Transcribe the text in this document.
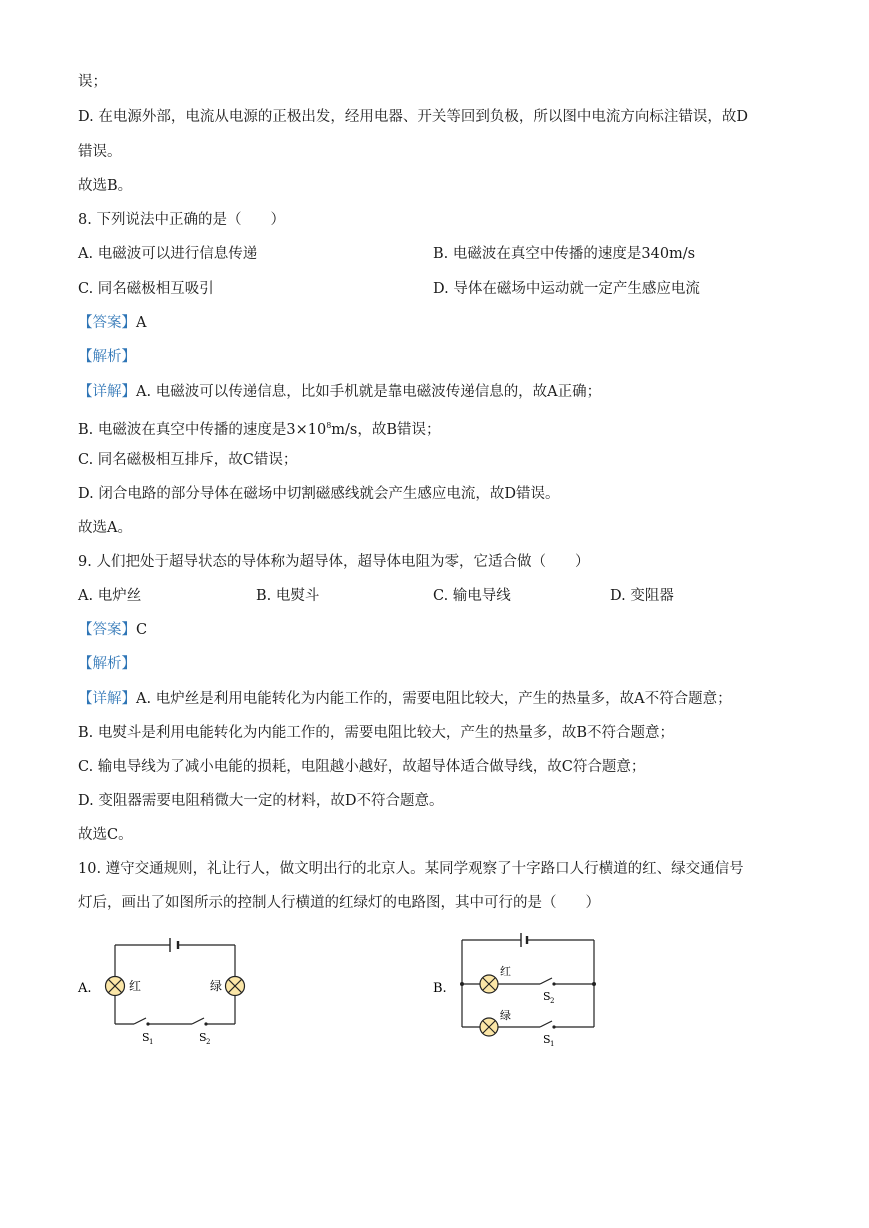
误；
D. 在电源外部，电流从电源的正极出发，经用电器、开关等回到负极，所以图中电流方向标注错误，故D
错误。
故选B。
8. 下列说法中正确的是（　　）
A. 电磁波可以进行信息传递	B. 电磁波在真空中传播的速度是340m/s
C. 同名磁极相互吸引	D. 导体在磁场中运动就一定产生感应电流
【答案】A
【解析】
【详解】A. 电磁波可以传递信息，比如手机就是靠电磁波传递信息的，故A正确；
B. 电磁波在真空中传播的速度是$3\times 10^8m/s$，故B错误；
C. 同名磁极相互排斥，故C错误；
D. 闭合电路的部分导体在磁场中切割磁感线就会产生感应电流，故D错误。
故选A。
9. 人们把处于超导状态的导体称为超导体，超导体电阻为零，它适合做（　　）
A. 电炉丝	B. 电熨斗	C. 输电导线	D. 变阻器
【答案】C
【解析】
【详解】A. 电炉丝是利用电能转化为内能工作的，需要电阻比较大，产生的热量多，故A不符合题意；
B. 电熨斗是利用电能转化为内能工作的，需要电阻比较大，产生的热量多，故B不符合题意；
C. 输电导线为了减小电能的损耗，电阻越小越好，故超导体适合做导线，故C符合题意；
D. 变阻器需要电阻稍微大一定的材料，故D不符合题意。
故选C。
10. 遵守交通规则，礼让行人，做文明出行的北京人。某同学观察了十字路口人行横道的红、绿交通信号
灯后，画出了如图所示的控制人行横道的红绿灯的电路图，其中可行的是（　　）
A.	红	绿
S 1	S 2
B.
红
绿
S 2
S 1
